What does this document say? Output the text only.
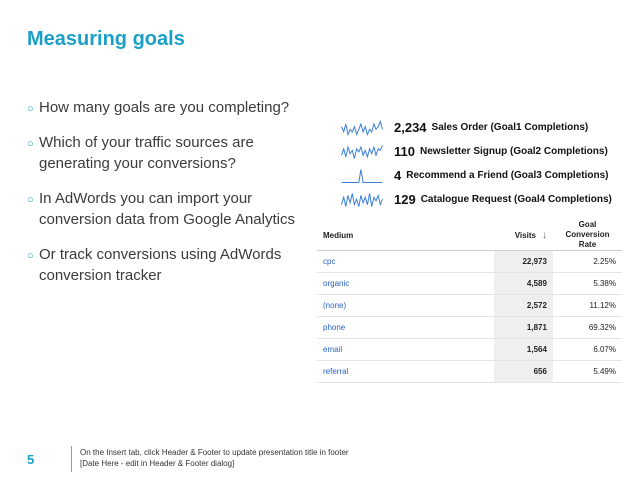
Measuring goals
○ How many goals are you completing?
○ Which of your traffic sources are generating your conversions?
○ In AdWords you can import your conversion data from Google Analytics
○ Or track conversions using AdWords conversion tracker
2,234 Sales Order (Goal1 Completions)
110 Newsletter Signup (Goal2 Completions)
4 Recommend a Friend (Goal3 Completions)
129 Catalogue Request (Goal4 Completions)
Medium	Visits ↓	Goal
Conversion
Rate
cpc	22,973	2.25%
organic	4,589	5.38%
(none)	2,572	11.12%
phone	1,871	69.32%
email	1,564	6.07%
referral	656	5.49%
5	On the Insert tab, click Header & Footer to update presentation title in footer
[Date Here - edit in Header & Footer dialog]
